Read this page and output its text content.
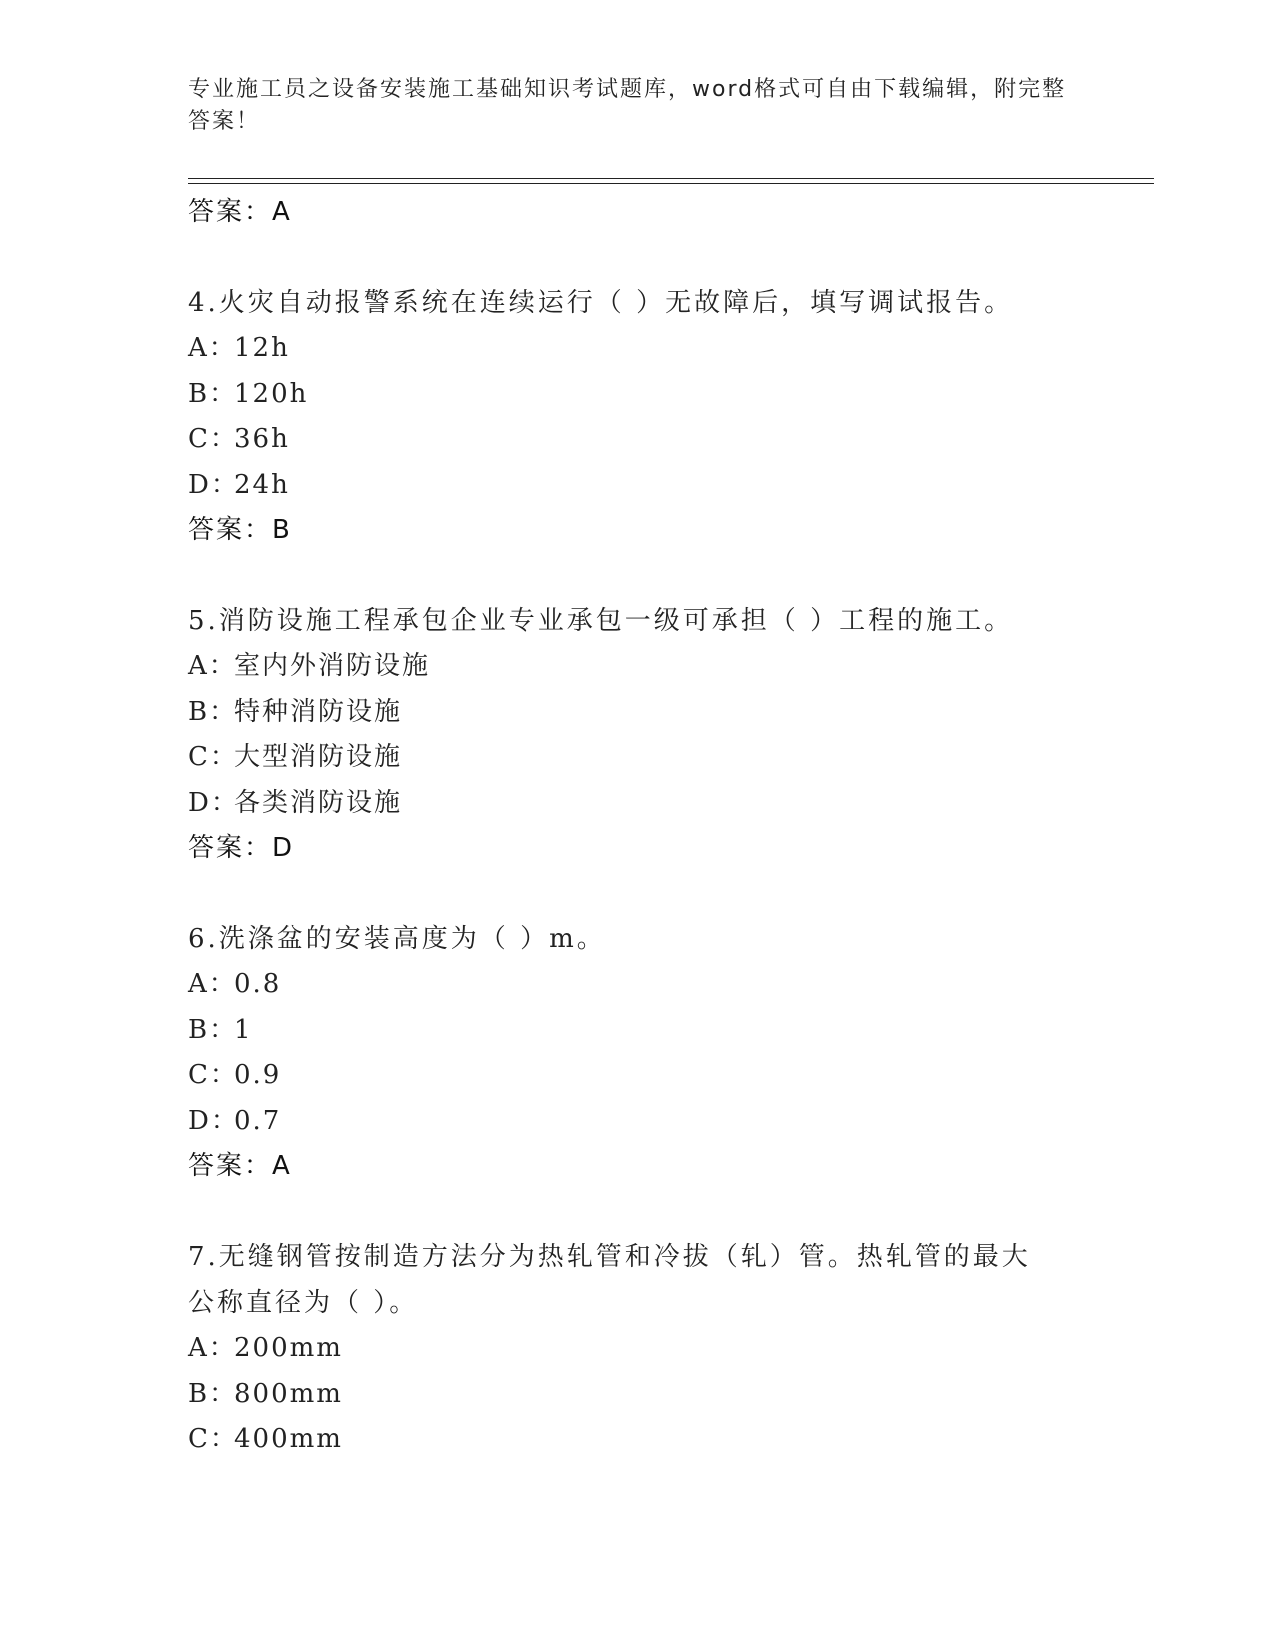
专业施工员之设备安装施工基础知识考试题库，word格式可自由下载编辑，附完整答案！
答案：A
4.火灾自动报警系统在连续运行（ ）无故障后，填写调试报告。
A：12h
B：120h
C：36h
D：24h
答案：B
5.消防设施工程承包企业专业承包一级可承担（ ）工程的施工。
A：室内外消防设施
B：特种消防设施
C：大型消防设施
D：各类消防设施
答案：D
6.洗涤盆的安装高度为（ ）m。
A：0.8
B：1
C：0.9
D：0.7
答案：A
7.无缝钢管按制造方法分为热轧管和冷拔（轧）管。热轧管的最大公称直径为（ ）。
A：200mm
B：800mm
C：400mm
